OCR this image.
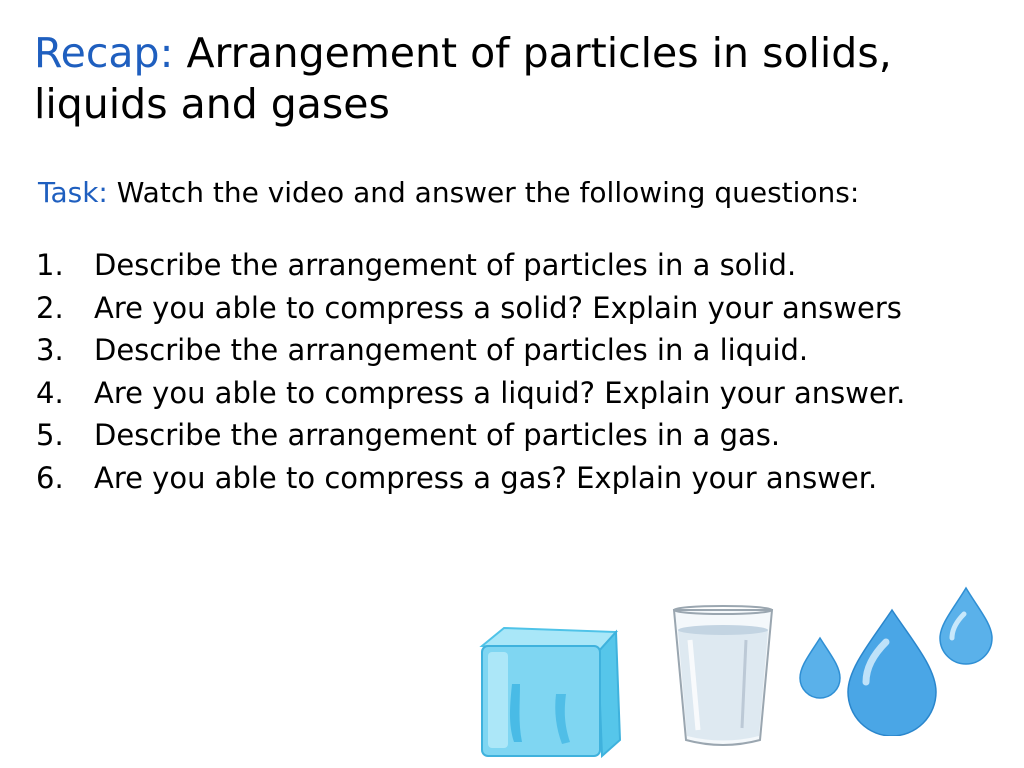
Recap: Arrangement of particles in solids, liquids and gases
Task: Watch the video and answer the following questions:
1.	Describe the arrangement of particles in a solid.
2.	Are you able to compress a solid? Explain your answers
3.	Describe the arrangement of particles in a liquid.
4.	Are you able to compress a liquid? Explain your answer.
5.	Describe the arrangement of particles in a gas.
6.	Are you able to compress a gas? Explain your answer.
